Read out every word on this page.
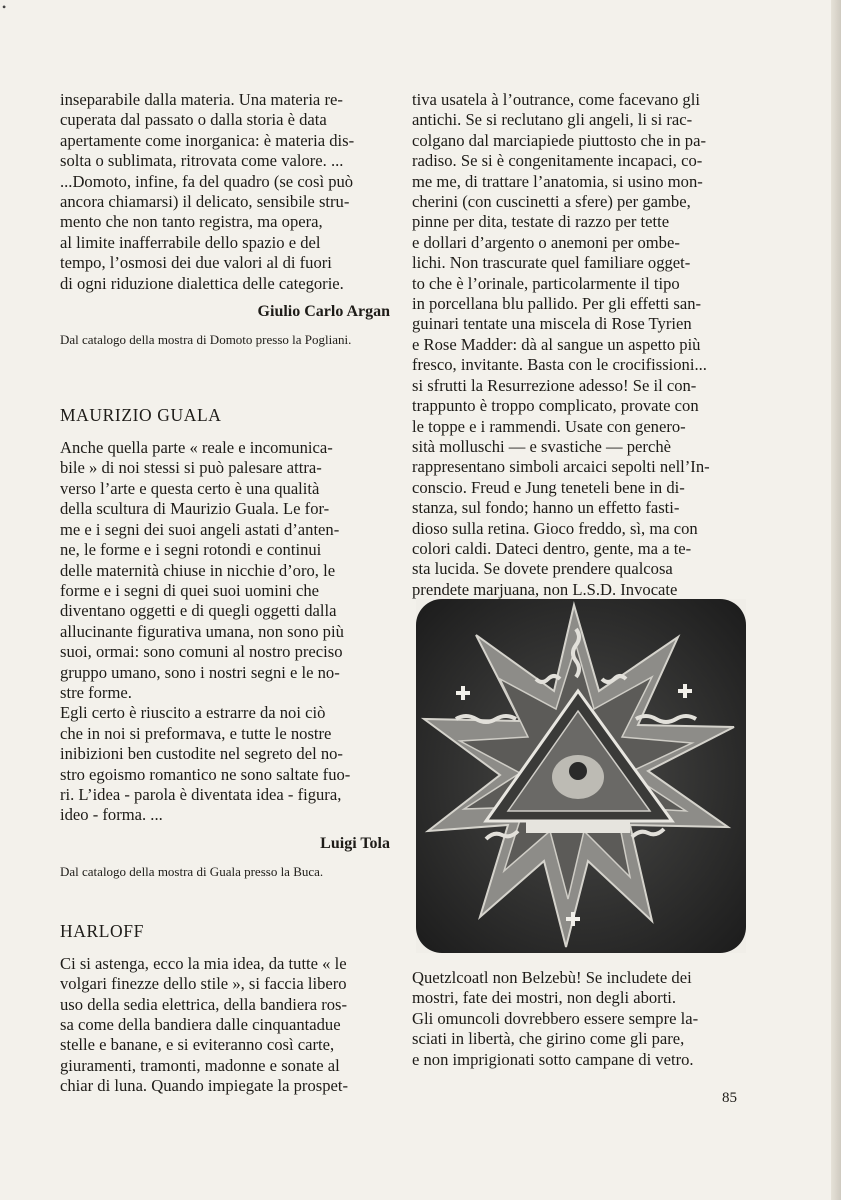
•

inseparabile dalla materia. Una materia re-
cuperata dal passato o dalla storia è data
apertamente come inorganica: è materia dis-
solta o sublimata, ritrovata come valore. ...
...Domoto, infine, fa del quadro (se così può
ancora chiamarsi) il delicato, sensibile stru-
mento che non tanto registra, ma opera,
al limite inafferrabile dello spazio e del
tempo, l’osmosi dei due valori al di fuori
di ogni riduzione dialettica delle categorie.

Giulio Carlo Argan

Dal catalogo della mostra di Domoto presso la Pogliani.

MAURIZIO GUALA

Anche quella parte « reale e incomunica-
bile » di noi stessi si può palesare attra-
verso l’arte e questa certo è una qualità
della scultura di Maurizio Guala. Le for-
me e i segni dei suoi angeli astati d’anten-
ne, le forme e i segni rotondi e continui
delle maternità chiuse in nicchie d’oro, le
forme e i segni di quei suoi uomini che
diventano oggetti e di quegli oggetti dalla
allucinante figurativa umana, non sono più
suoi, ormai: sono comuni al nostro preciso
gruppo umano, sono i nostri segni e le no-
stre forme.
Egli certo è riuscito a estrarre da noi ciò
che in noi si preformava, e tutte le nostre
inibizioni ben custodite nel segreto del no-
stro egoismo romantico ne sono saltate fuo-
ri. L’idea - parola è diventata idea - figura,
ideo - forma. ...

Luigi Tola

Dal catalogo della mostra di Guala presso la Buca.

HARLOFF

Ci si astenga, ecco la mia idea, da tutte « le
volgari finezze dello stile », si faccia libero
uso della sedia elettrica, della bandiera ros-
sa come della bandiera dalle cinquantadue
stelle e banane, e si eviteranno così carte,
giuramenti, tramonti, madonne e sonate al
chiar di luna. Quando impiegate la prospet-

tiva usatela à l’outrance, come facevano gli
antichi. Se si reclutano gli angeli, li si rac-
colgano dal marciapiede piuttosto che in pa-
radiso. Se si è congenitamente incapaci, co-
me me, di trattare l’anatomia, si usino mon-
cherini (con cuscinetti a sfere) per gambe,
pinne per dita, testate di razzo per tette
e dollari d’argento o anemoni per ombe-
lichi. Non trascurate quel familiare ogget-
to che è l’orinale, particolarmente il tipo
in porcellana blu pallido. Per gli effetti san-
guinari tentate una miscela di Rose Tyrien
e Rose Madder: dà al sangue un aspetto più
fresco, invitante. Basta con le crocifissioni...
si sfrutti la Resurrezione adesso! Se il con-
trappunto è troppo complicato, provate con
le toppe e i rammendi. Usate con genero-
sità molluschi — e svastiche — perchè
rappresentano simboli arcaici sepolti nell’In-
conscio. Freud e Jung teneteli bene in di-
stanza, sul fondo; hanno un effetto fasti-
dioso sulla retina. Gioco freddo, sì, ma con
colori caldi. Dateci dentro, gente, ma a te-
sta lucida. Se dovete prendere qualcosa
prendete marjuana, non L.S.D. Invocate

Quetzlcoatl non Belzebù! Se includete dei
mostri, fate dei mostri, non degli aborti.
Gli omuncoli dovrebbero essere sempre la-
sciati in libertà, che girino come gli pare,
e non imprigionati sotto campane di vetro.

85
